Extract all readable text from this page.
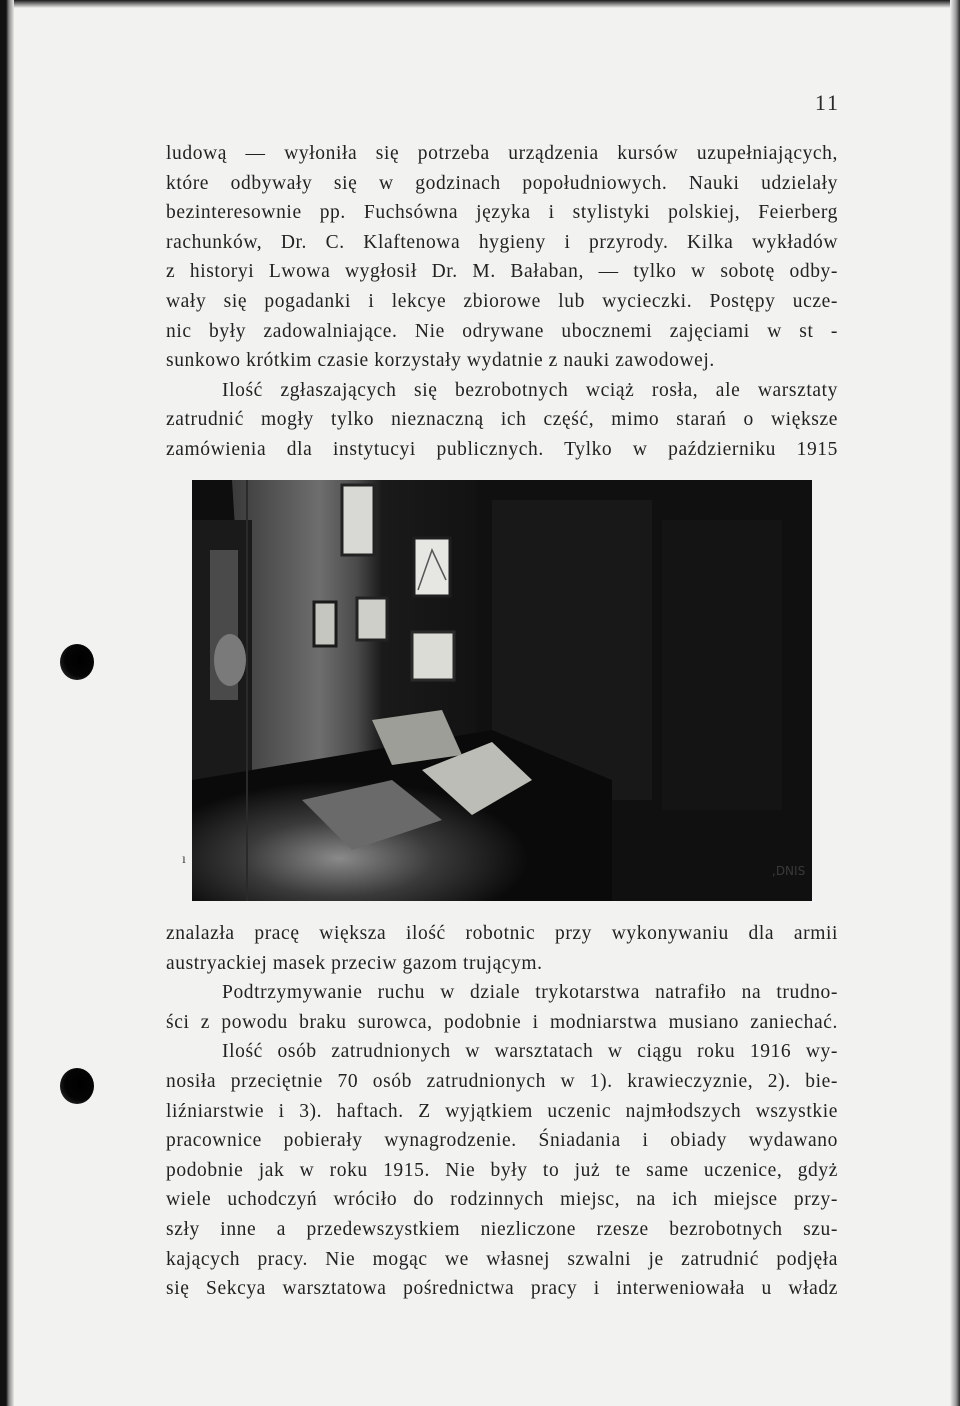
11
ludową — wyłoniła się potrzeba urządzenia kursów uzupełniających,
które odbywały się w godzinach popołudniowych. Nauki udzielały
bezinteresownie pp. Fuchsówna języka i stylistyki polskiej, Feierberg
rachunków, Dr. C. Klaftenowa hygieny i przyrody. Kilka wykładów
z historyi Lwowa wygłosił Dr. M. Bałaban, — tylko w sobotę odby-
wały się pogadanki i lekcye zbiorowe lub wycieczki. Postępy ucze-
nic były zadowalniające. Nie odrywane ubocznemi zajęciami w st -
sunkowo krótkim czasie korzystały wydatnie z nauki zawodowej.
Ilość zgłaszających się bezrobotnych wciąż rosła, ale warsztaty
zatrudnić mogły tylko nieznaczną ich część, mimo starań o większe
zamówienia dla instytucyi publicznych. Tylko w październiku 1915
,DNIS
ı
znalazła pracę większa ilość robotnic przy wykonywaniu dla armii
austryackiej masek przeciw gazom trującym.
Podtrzymywanie ruchu w dziale trykotarstwa natrafiło na trudno-
ści z powodu braku surowca, podobnie i modniarstwa musiano zaniechać.
Ilość osób zatrudnionych w warsztatach w ciągu roku 1916 wy-
nosiła przeciętnie 70 osób zatrudnionych w 1). krawieczyznie, 2). bie-
liźniarstwie i 3). haftach. Z wyjątkiem uczenic najmłodszych wszystkie
pracownice pobierały wynagrodzenie. Śniadania i obiady wydawano
podobnie jak w roku 1915. Nie były to już te same uczenice, gdyż
wiele uchodczyń wróciło do rodzinnych miejsc, na ich miejsce przy-
szły inne a przedewszystkiem niezliczone rzesze bezrobotnych szu-
kających pracy. Nie mogąc we własnej szwalni je zatrudnić podjęła
się Sekcya warsztatowa pośrednictwa pracy i interweniowała u władz
